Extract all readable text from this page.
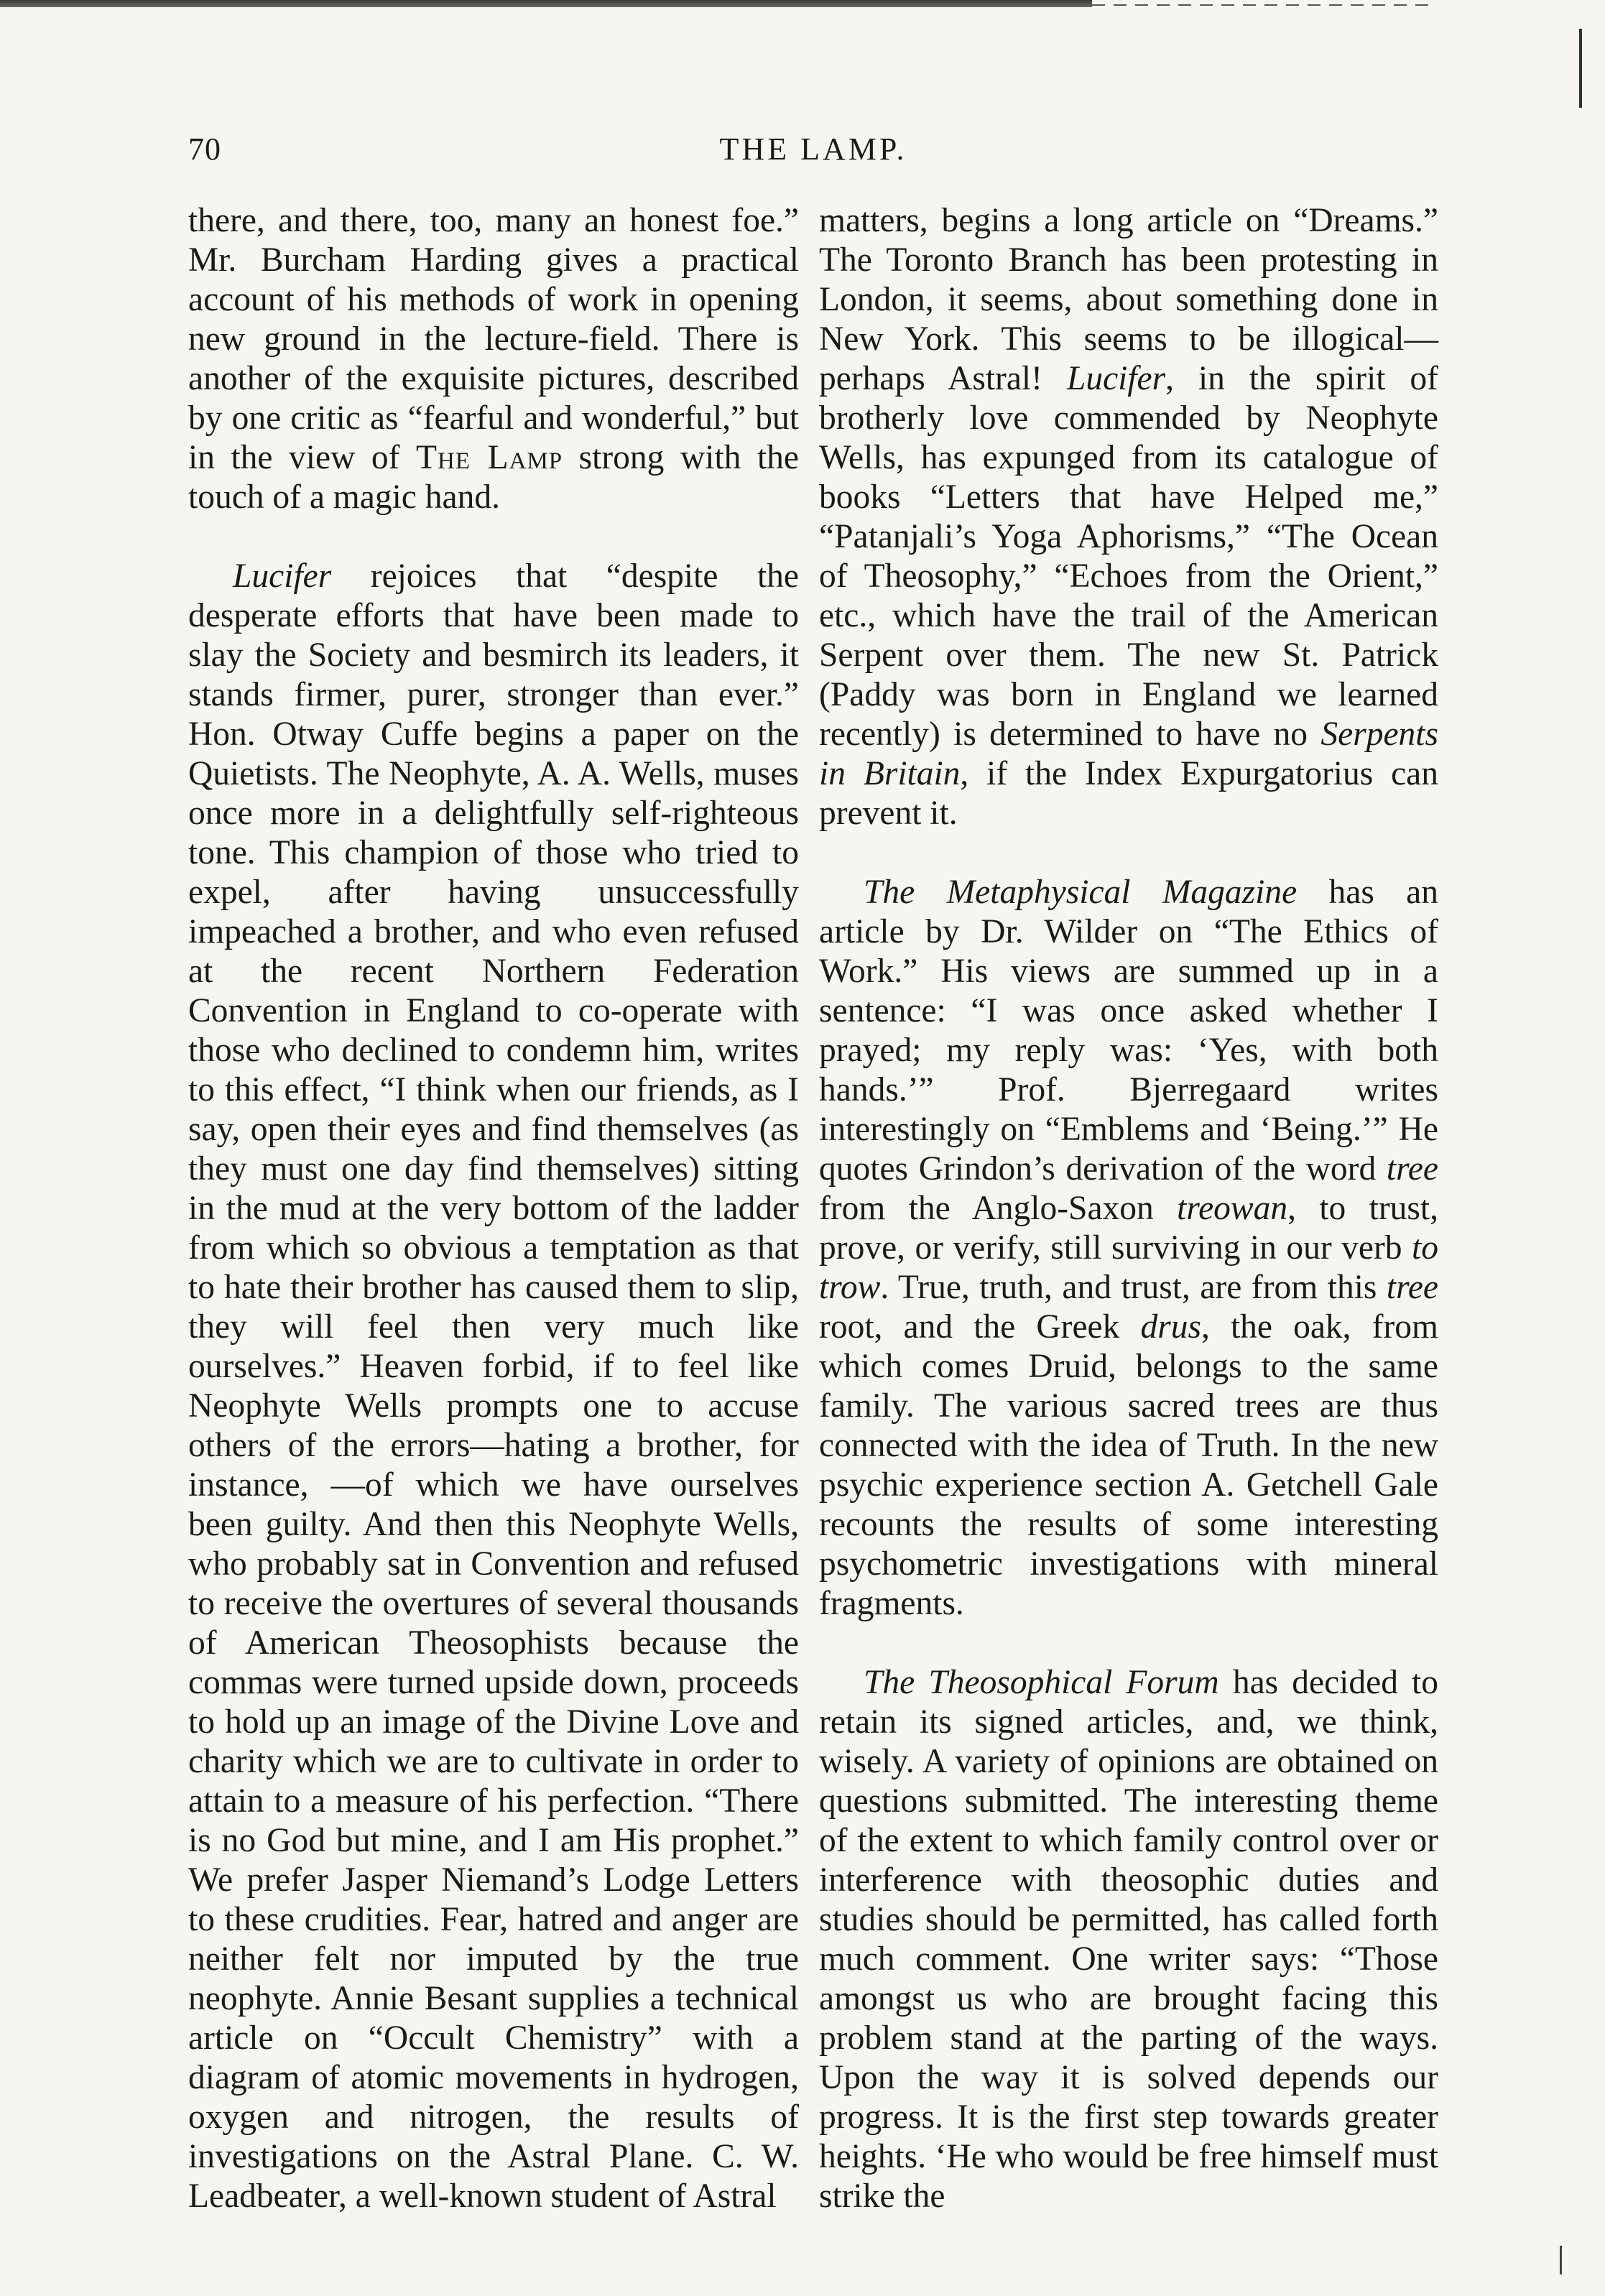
70	THE LAMP.

there, and there, too, many an honest foe.” Mr. Burcham Harding gives a practical account of his methods of work in opening new ground in the lecture-field. There is another of the exquisite pictures, described by one critic as “fearful and wonderful,” but in the view of The Lamp strong with the touch of a magic hand.

Lucifer rejoices that “despite the desperate efforts that have been made to slay the Society and besmirch its leaders, it stands firmer, purer, stronger than ever.” Hon. Otway Cuffe begins a paper on the Quietists. The Neophyte, A. A. Wells, muses once more in a delightfully self-righteous tone. This champion of those who tried to expel, after having unsuccessfully impeached a brother, and who even refused at the recent Northern Federation Convention in England to co-operate with those who declined to condemn him, writes to this effect, “I think when our friends, as I say, open their eyes and find themselves (as they must one day find themselves) sitting in the mud at the very bottom of the ladder from which so obvious a temptation as that to hate their brother has caused them to slip, they will feel then very much like ourselves.” Heaven forbid, if to feel like Neophyte Wells prompts one to accuse others of the errors—hating a brother, for instance, —of which we have ourselves been guilty. And then this Neophyte Wells, who probably sat in Convention and refused to receive the overtures of several thousands of American Theosophists because the commas were turned upside down, proceeds to hold up an image of the Divine Love and charity which we are to cultivate in order to attain to a measure of his perfection. “There is no God but mine, and I am His prophet.” We prefer Jasper Niemand’s Lodge Letters to these crudities. Fear, hatred and anger are neither felt nor imputed by the true neophyte. Annie Besant supplies a technical article on “Occult Chemistry” with a diagram of atomic movements in hydrogen, oxygen and nitrogen, the results of investigations on the Astral Plane. C. W. Leadbeater, a well-known student of Astral

matters, begins a long article on “Dreams.” The Toronto Branch has been protesting in London, it seems, about something done in New York. This seems to be illogical—perhaps Astral! Lucifer, in the spirit of brotherly love commended by Neophyte Wells, has expunged from its catalogue of books “Letters that have Helped me,” “Patanjali’s Yoga Aphorisms,” “The Ocean of Theosophy,” “Echoes from the Orient,” etc., which have the trail of the American Serpent over them. The new St. Patrick (Paddy was born in England we learned recently) is determined to have no Serpents in Britain, if the Index Expurgatorius can prevent it.

The Metaphysical Magazine has an article by Dr. Wilder on “The Ethics of Work.” His views are summed up in a sentence: “I was once asked whether I prayed; my reply was: ‘Yes, with both hands.’” Prof. Bjerregaard writes interestingly on “Emblems and ‘Being.’” He quotes Grindon’s derivation of the word tree from the Anglo-Saxon treowan, to trust, prove, or verify, still surviving in our verb to trow. True, truth, and trust, are from this tree root, and the Greek drus, the oak, from which comes Druid, belongs to the same family. The various sacred trees are thus connected with the idea of Truth. In the new psychic experience section A. Getchell Gale recounts the results of some interesting psychometric investigations with mineral fragments.

The Theosophical Forum has decided to retain its signed articles, and, we think, wisely. A variety of opinions are obtained on questions submitted. The interesting theme of the extent to which family control over or interference with theosophic duties and studies should be permitted, has called forth much comment. One writer says: “Those amongst us who are brought facing this problem stand at the parting of the ways. Upon the way it is solved depends our progress. It is the first step towards greater heights. ‘He who would be free himself must strike the
